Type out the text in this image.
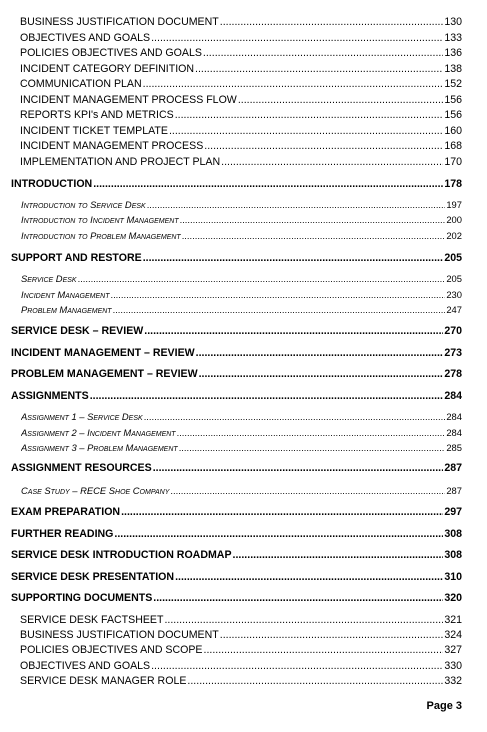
BUSINESS JUSTIFICATION DOCUMENT .....	130
OBJECTIVES AND GOALS .....	133
POLICIES OBJECTIVES AND GOALS .....	136
INCIDENT CATEGORY DEFINITION .....	138
COMMUNICATION PLAN .....	152
INCIDENT MANAGEMENT PROCESS FLOW .....	156
REPORTS KPI's AND METRICS .....	156
INCIDENT TICKET TEMPLATE .....	160
INCIDENT MANAGEMENT PROCESS .....	168
IMPLEMENTATION AND PROJECT PLAN .....	170
INTRODUCTION .....	178
Introduction to Service Desk .....	197
Introduction to Incident Management .....	200
Introduction to Problem Management .....	202
SUPPORT AND RESTORE .....	205
Service Desk .....	205
Incident Management .....	230
Problem Management .....	247
SERVICE DESK – REVIEW .....	270
INCIDENT MANAGEMENT – REVIEW .....	273
PROBLEM MANAGEMENT – REVIEW .....	278
ASSIGNMENTS .....	284
Assignment 1 – Service Desk .....	284
Assignment 2 – Incident Management .....	284
Assignment 3 – Problem Management .....	285
ASSIGNMENT RESOURCES .....	287
Case Study – RECE Shoe Company .....	287
EXAM PREPARATION .....	297
FURTHER READING .....	308
SERVICE DESK INTRODUCTION ROADMAP .....	308
SERVICE DESK PRESENTATION .....	310
SUPPORTING DOCUMENTS .....	320
SERVICE DESK FACTSHEET .....	321
BUSINESS JUSTIFICATION DOCUMENT .....	324
POLICIES OBJECTIVES AND SCOPE .....	327
OBJECTIVES AND GOALS .....	330
SERVICE DESK MANAGER ROLE .....	332
Page 3
